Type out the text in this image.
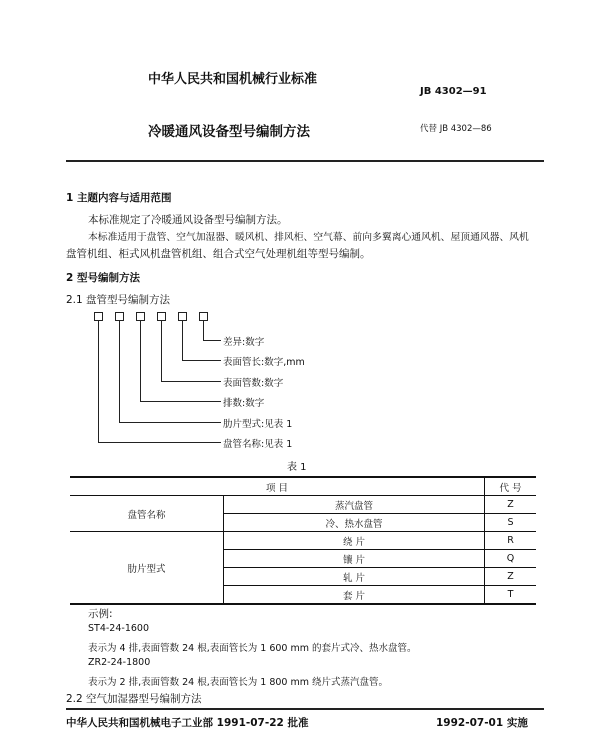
中华人民共和国机械行业标准
JB 4302—91
冷暖通风设备型号编制方法	代替 JB 4302—86
1 主题内容与适用范围
本标准规定了冷暖通风设备型号编制方法。
本标准适用于盘管、空气加湿器、暖风机、排风柜、空气幕、前向多翼离心通风机、屋顶通风器、风机
盘管机组、柜式风机盘管机组、组合式空气处理机组等型号编制。
2 型号编制方法
2.1 盘管型号编制方法
差异:数字
表面管长:数字,mm
表面管数:数字
排数:数字
肋片型式:见表 1
盘管名称:见表 1
表 1
项 目		代 号
盘管名称	蒸汽盘管	Z
	冷、热水盘管	S
肋片型式	绕 片	R
	镶 片	Q
	轧 片	Z
	套 片	T
示例:
ST4-24-1600
表示为 4 排,表面管数 24 根,表面管长为 1 600 mm 的套片式冷、热水盘管。
ZR2-24-1800
表示为 2 排,表面管数 24 根,表面管长为 1 800 mm 绕片式蒸汽盘管。
2.2 空气加湿器型号编制方法
中华人民共和国机械电子工业部 1991-07-22 批准	1992-07-01 实施
